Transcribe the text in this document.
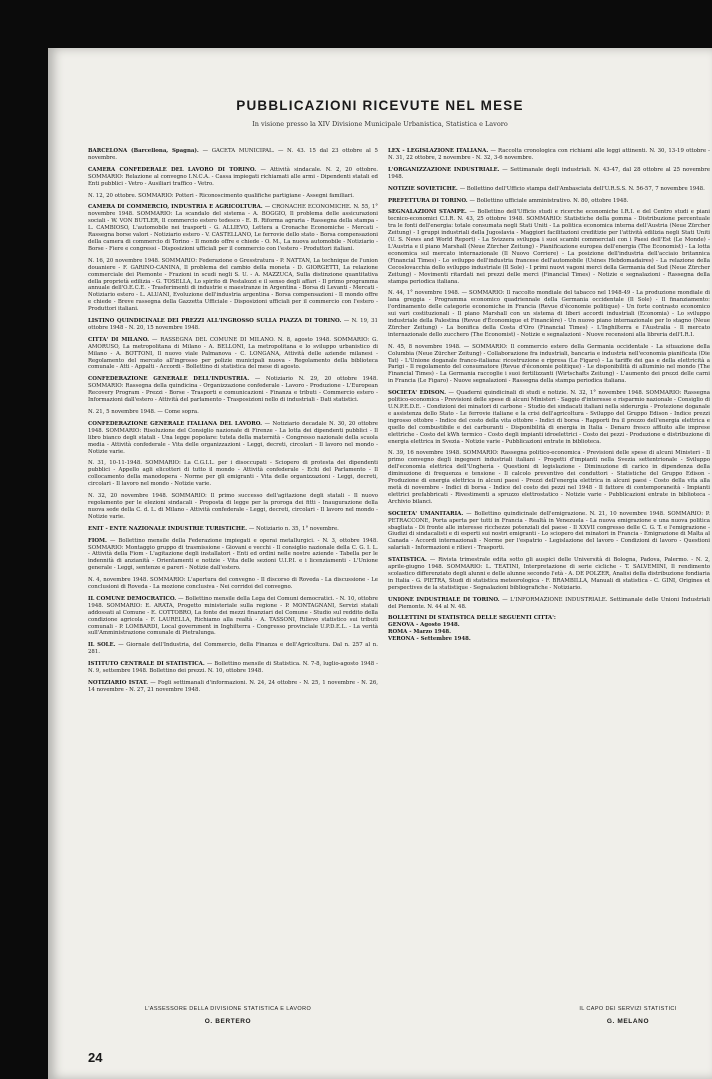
PUBBLICAZIONI RICEVUTE NEL MESE
In visione presso la XIV Divisione Municipale Urbanistica, Statistica e Lavoro

BARCELONA (Barcellona, Spagna). — GACETA MUNICIPAL. — N. 43. 15 dal 23 ottobre al 5 novembre.

CAMERA CONFEDERALE DEL LAVORO DI TORINO. — Attività sindacale. N. 2, 20 ottobre. SOMMARIO: Relazione al convegno I.N.C.A. - Cassa impiegati richiamati alle armi - Dipendenti statali ed Enti pubblici - Vetro - Ausiliari traffico - Vetro.

N. 12, 20 ottobre. SOMMARIO: Potteri - Riconoscimento qualifiche partigiane - Assegni familiari.

CAMERA DI COMMERCIO, INDUSTRIA E AGRICOLTURA. — CRONACHE ECONOMICHE. N. 55, 1° novembre 1948. SOMMARIO: La scandalo del sistema - A. BOGGIO, Il problema delle assicurazioni sociali - W. VON BUTLER, Il commercio estero tedesco - E. B. Riforma agraria - Rassegna della stampa - L. CAMBIOSO, L'automobile nei trasporti - G. ALLIEVO, Lettera a Cronache Economiche - Mercati - Rassegna borse valori - Notiziario estero - V. CASTELLANO, Le ferrovie dello stato - Borsa compensazioni della camera di commercio di Torino - Il mondo offre e chiede - O. M., La nuova automobile - Notiziario - Borse - Fiere e congressi - Disposizioni ufficiali per il commercio con l'estero - Produttori italiani.

N. 16, 20 novembre 1948. SOMMARIO: Federazione o Gresstratura - P. NATTAN, La technique de l'union douaniere - F. GARINO-CANINA, Il problema del cambio della moneta - D. GIORGETTI, La relazione commerciale dei Piemonte - Frazioni in scudi negli S. U. - A. MAZZUCA, Sulla distinzione quantitativa della proprietà edilizia - G. TOSELLA, Lo spirito di Pestalozzi e il senso degli affari - Il primo programma annuale dell'O.E.C.E. - Trasferimenti di industrie e maestranze in Argentina - Borsa di Levanti - Mercati - Notiziario estero - L. ALUANI, Evoluzione dell'industria argentina - Borsa compensazioni - Il mondo offre e chiede - Breve rassegna della Gazzetta Ufficiale - Disposizioni ufficiali per il commercio con l'estero - Produttori italiani.

LISTINO QUINDICINALE DEI PREZZI ALL'INGROSSO SULLA PIAZZA DI TORINO. — N. 19, 31 ottobre 1948 - N. 20, 15 novembre 1948.

CITTA' DI MILANO. — RASSEGNA DEL COMUNE DI MILANO. N. 8, agosto 1948. SOMMARIO: G. AMORUSO, La metropolitana di Milano - A. BELLONI, La metropolitana e lo sviluppo urbanistico di Milano - A. BOTTONI, Il nuovo viale Palmanova - C. LONGANA, Attività delle aziende milanesi - Regolamento del mercato all'ingrosso per polizie municipali nuova - Regolamento della biblioteca comunale - Atti - Appalti - Accordi - Bollettino di statistica del mese di agosto.

CONFEDERAZIONE GENERALE DELL'INDUSTRIA. — Notiziario N. 29, 20 ottobre 1948. SOMMARIO: Rassegna della quindicina - Organizzazione confederale - Lavoro - Produzione - L'European Recovery Program - Prezzi - Borse - Trasporti e comunicazioni - Finanza e tributi - Commercio estero - Informazioni dall'estero - Attività del parlamento - Trasposizioni nello di industriali - Dati statistici.

N. 21, 5 novembre 1948. — Come sopra.

CONFEDERAZIONE GENERALE ITALIANA DEL LAVORO. — Notiziario decadale N. 30, 20 ottobre 1948. SOMMARIO: Risoluzione del Consiglio nazionale di Firenze - La lotta dei dipendenti pubblici - Il libro bianco degli statali - Una legge popolare: tutela della maternità - Congresso nazionale della scuola media - Attività confederale - Vita delle organizzazioni - Leggi, decreti, circolari - Il lavoro nel mondo - Notizie varie.

N. 31, 10-11-1948. SOMMARIO: La C.G.I.L. per i disoccupati - Sciopero di protesta dei dipendenti pubblici - Appello agli elicotteri di tutto il mondo - Attività confederale - Echi del Parlamento - Il collocamento della manodopera - Norme per gli emigranti - Vita delle organizzazioni - Leggi, decreti, circolari - Il lavoro nel mondo - Notizie varie.

N. 32, 20 novembre 1948. SOMMARIO: Il primo successo dell'agitazione degli statali - Il nuovo regolamento per le elezioni sindacali - Proposta di legge per la proroga dei fitti - Inaugurazione della nuova sede della C. d. L. di Milano - Attività confederale - Leggi, decreti, circolari - Il lavoro nel mondo - Notizie varie.

ENIT - ENTE NAZIONALE INDUSTRIE TURISTICHE. — Notiziario n. 35, 1° novembre.

FIOM. — Bollettino mensile della Federazione impiegati e operai metallurgici. - N. 3, ottobre 1948. SOMMARIO: Montaggio gruppo di trasmissione - Giovani e vecchi - Il consiglio nazionale della C. G. I. L. - Attività della Fiom - L'agitazione degli installatori - Enti ed ordini nelle nostre aziende - Tabella per le indennità di anzianità - Orientamenti e notizie - Vita delle sezioni U.I.P.I. e i licenziamenti - L'Unione generale - Leggi, sentenze e pareri - Notizie dall'estero.

N. 4, novembre 1948. SOMMARIO: L'apertura del convegno - Il discorso di Roveda - La discussione - Le conclusioni di Roveda - La mozione conclusiva - Nei corridoi del convegno.

IL COMUNE DEMOCRATICO. — Bollettino mensile della Lega dei Comuni democratici. - N. 10, ottobre 1948. SOMMARIO: E. ARATA, Progetto ministeriale sulla regione - P. MONTAGNANI, Servizi statali addossati al Comune - E. COTTOBRO, La fonte dei mezzi finanziari del Comune - Studio sul reddito della condizione agricola - F. LAURELLA, Richiamo alla realtà - A. TASSONI, Rilievo statistico sui tributi comunali - P. LOMBARDI, Local government in Inghilterra - Congresso provinciale U.P.D.E.L. - La verità sull'Amministrazione comunale di Pietralunga.

IL SOLE. — Giornale dell'Industria, del Commercio, della Finanza e dell'Agricoltura. Dal n. 257 al n. 281.

ISTITUTO CENTRALE DI STATISTICA. — Bollettino mensile di Statistica. N. 7-8, luglio-agosto 1948 - N. 9, settembre 1948. Bollettino dei prezzi. N. 10, ottobre 1948.

NOTIZIARIO ISTAT. — Fogli settimanali d'informazioni. N. 24, 24 ottobre - N. 25, 1 novembre - N. 26, 14 novembre - N. 27, 21 novembre 1948.

LEX - LEGISLAZIONE ITALIANA. — Raccolta cronologica con richiami alle leggi attinenti. N. 30, 13-19 ottobre - N. 31, 22 ottobre, 2 novembre - N. 32, 3-6 novembre.

L'ORGANIZZAZIONE INDUSTRIALE. — Settimanale degli industriali. N. 43-47, dal 28 ottobre al 25 novembre 1948.

NOTIZIE SOVIETICHE. — Bollettino dell'Ufficio stampa dell'Ambasciata dell'U.R.S.S. N. 56-57, 7 novembre 1948.

PREFETTURA DI TORINO. — Bollettino ufficiale amministrativo. N. 80, ottobre 1948.

SEGNALAZIONI STAMPE. — Bollettino dell'Ufficio studi e ricerche economiche I.R.I. e del Centro studi e piani tecnico-economici C.I.R. N. 43, 25 ottobre 1948. SOMMARIO: Statistiche della gomma - Distribuzione percentuale tra le fonti dell'energia: totale consumata negli Stati Uniti - La politica economica interna dell'Austria (Neue Zürcher Zeitung) - I gruppi industriali della Jugoslavia - Maggiori facilitazioni creditizie per l'attività edilizia negli Stati Uniti (U. S. News and World Report) - La Svizzera sviluppa i suoi scambi commerciali con i Paesi dell'Est (Le Monde) - L'Austria e il piano Marshall (Neue Zürcher Zeitung) - Pianificazione europea dell'energia (The Economist) - La lotta economica sul mercato internazionale (Il Nuovo Corriere) - La posizione dell'industria dell'acciaio britannica (Financial Times) - Lo sviluppo dell'industria francese dell'automobile (Usines Hebdomadaires) - La relazione della Cecoslovacchia dello sviluppo industriale (Il Sole) - I primi nuovi vagoni merci della Germania del Sud (Neue Zürcher Zeitung) - Movimenti ritardati nei prezzi delle merci (Financial Times) - Notizie e segnalazioni - Rassegna della stampa periodica italiana.

N. 44, 1° novembre 1948. — SOMMARIO: Il raccolto mondiale del tabacco nel 1948-49 - La produzione mondiale di lana greggia - Programma economico quadriennale della Germania occidentale (Il Sole) - Il finanziamento: l'ordinamento delle categorie economiche in Francia (Revue d'économie politique) - Un forte contrasto economico sui vari costituzionali - Il piano Marshall con un sistema di liberi accordi industriali (Economia) - Lo sviluppo industriale della Palestina (Revue d'Économique et Financière) - Un nuovo piano internazionale per lo stagno (Neue Zürcher Zeitung) - La bonifica della Costa d'Oro (Financial Times) - L'Inghilterra e l'Australia - Il mercato internazionale dello zucchero (The Economist) - Notizie e segnalazioni - Nuove recensioni alla libreria dell'I.R.I.

N. 45, 8 novembre 1948. — SOMMARIO: Il commercio estero della Germania occidentale - La situazione della Columbia (Neue Zürcher Zeitung) - Collaborazione fra industriali, bancaria e industria nell'economia pianificata (Die Tat) - L'Unione doganale franco-italiana: ricostruzione e ripresa (Le Figaro) - La tariffe dei gas e della elettricità a Parigi - Il regolamento del consumatore (Revue d'économie politique) - Le disponibilità di alluminio nel mondo (The Financial Times) - La Germania raccoglie i suoi fertilizzanti (Wirtschafts Zeitung) - L'aumento dei prezzi delle carni in Francia (Le Figaro) - Nuove segnalazioni - Rassegna della stampa periodica italiana.

SOCIETA' EDISON. — Quaderni quindicinali di studi e notizie. N. 32, 1° novembre 1948. SOMMARIO: Rassegna politico-economica - Previsioni delle spese di alcuni Ministeri - Saggio d'interesse e risparmio nazionale - Consiglio di U.N.P.E.D.E. - Condizioni dei minatori di carbone - Studio dei sindacati italiani nella siderurgia - Protezione doganale e assistenza dello Stato - Le ferrovie italiane e la crisi dell'agricoltura - Sviluppo del Gruppo Edison - Indice prezzi ingrosso ottobre - Indice del costo della vita ottobre - Indici di borsa - Rapporti fra il prezzo dell'energia elettrica e quello del combustibile e dei carburanti - Disponibilità di energia in Italia - Denaro fresco affluito alle imprese elettriche - Costo del kWh termico - Costo degli impianti idroelettrici - Costo dei pezzi - Produzione e distribuzione di energia elettrica in Svezia - Notizie varie - Pubblicazioni entrate in biblioteca.

N. 39, 16 novembre 1948. SOMMARIO: Rassegna politico-economica - Previsioni delle spese di alcuni Ministeri - Il primo convegno degli ingegneri industriali italiani - Progetti d'impianti nella Svezia settentrionale - Sviluppo dell'economia elettrica dell'Ungheria - Questioni di legislazione - Diminuzione di carico in dipendenza della diminuzione di frequenza e tensione - Il calcolo preventivo dei conduttori - Statistiche del Gruppo Edison - Produzione di energia elettrica in alcuni paesi - Prezzi dell'energia elettrica in alcuni paesi - Costo della vita alla metà di novembre - Indici di borsa - Indice del costo dei pezzi nel 1948 - Il fattore di contemporaneità - Impianti elettrici prefabbricati - Rivestimenti a spruzzo elettrostatico - Notizie varie - Pubblicazioni entrate in biblioteca - Archivio bilanci.

SOCIETA' UMANITARIA. — Bollettino quindicinale dell'emigrazione. N. 21, 10 novembre 1948. SOMMARIO: P. PETRACCONE, Porta aperta per tutti in Francia - Realtà in Venezuela - La nuova emigrazione e una nuova politica sbagliata - Di fronte alle interesse ricchezze potenziali del paese - Il XXVII congresso delle C. G. T. e l'emigrazione - Giudizi di sindacalisti e di esperti sui nostri emigranti - Lo sciopero dei minatori in Francia - Emigrazione di Malta al Canada - Accordi internazionali - Norme per l'espatrio - Legislazione del lavoro - Condizioni di lavoro - Questioni salariali - Informazioni e rilievi - Trasporti.

STATISTICA. — Rivista trimestrale edita sotto gli auspici delle Università di Bologna, Padova, Palermo. - N. 2, aprile-giugno 1948. SOMMARIO: L. TEATINI, Interpretazione di serie cicliche - T. SALVEMINI, Il rendimento scolastico differenziato degli alunni e delle alunne secondo l'età - A. DE POLZER, Analisi della distribuzione fondiaria in Italia - G. PIETRA, Studi di statistica meteorologica - F. BRAMBILLA, Manuali di statistica - C. GINI, Origines et perspectives de la statistique - Segnalazioni bibliografiche - Notiziario.

UNIONE INDUSTRIALE DI TORINO. — L'INFORMAZIONE INDUSTRIALE. Settimanale delle Unioni Industriali del Piemonte. N. 44 al N. 48.

BOLLETTINI DI STATISTICA DELLE SEGUENTI CITTA':

GENOVA - Agosto 1948.

ROMA - Marzo 1948.

VERONA - Settembre 1948.

L'ASSESSORE DELLA DIVISIONE STATISTICA E LAVORO
O. BERTERO
IL CAPO DEI SERVIZI STATISTICI
G. MELANO
24
